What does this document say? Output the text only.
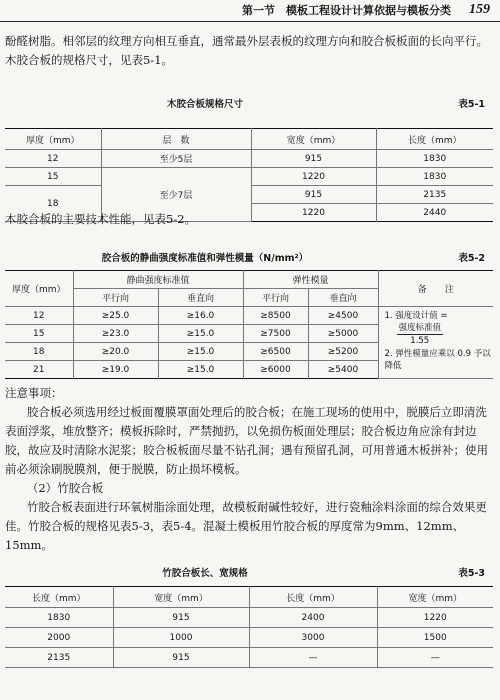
第一节　模板工程设计计算依据与模板分类 159

酚醛树脂。相邻层的纹理方向相互垂直，通常最外层表板的纹理方向和胶合板板面的长向平行。木胶合板的规格尺寸，见表5-1。

木胶合板规格尺寸	表5-1
厚度（mm）	层　数	宽度（mm）	长度（mm）
12	至少5层	915	1830
15	至少7层	1220	1830
18		915	2135
		1220	2440

木胶合板的主要技术性能，见表5-2。

胶合板的静曲强度标准值和弹性模量（N/mm²）	表5-2
厚度（mm）	静曲强度标准值		弹性模量		备　　注
	平行向	垂直向	平行向	垂直向	
12	≥25.0	≥16.0	≥8500	≥4500	1. 强度设计值 =

$\frac{\text{强度标准值}}{1.55}$
2. 弹性模量应乘以 0.9 予以降低

15	≥23.0	≥15.0	≥7500	≥5000	
18	≥20.0	≥15.0	≥6500	≥5200	
21	≥19.0	≥15.0	≥6000	≥5400	

注意事项：

胶合板必须选用经过板面覆膜罩面处理后的胶合板；在施工现场的使用中，脱膜后立即清洗表面浮浆，堆放整齐；模板拆除时，严禁抛扔，以免损伤板面处理层；胶合板边角应涂有封边胶，故应及时清除水泥浆；胶合板板面尽量不钻孔洞；遇有预留孔洞，可用普通木板拼补；使用前必须涂刷脱膜剂，便于脱膜，防止损坏模板。

（2）竹胶合板

竹胶合板表面进行环氧树脂涂面处理，故模板耐碱性较好，进行瓷釉涂料涂面的综合效果更佳。竹胶合板的规格见表5-3，表5-4。混凝土模板用竹胶合板的厚度常为9mm、12mm、15mm。

竹胶合板长、宽规格	表5-3
长度（mm）	宽度（mm）	长度（mm）	宽度（mm）
1830	915	2400	1220
2000	1000	3000	1500
2135	915	—	—
